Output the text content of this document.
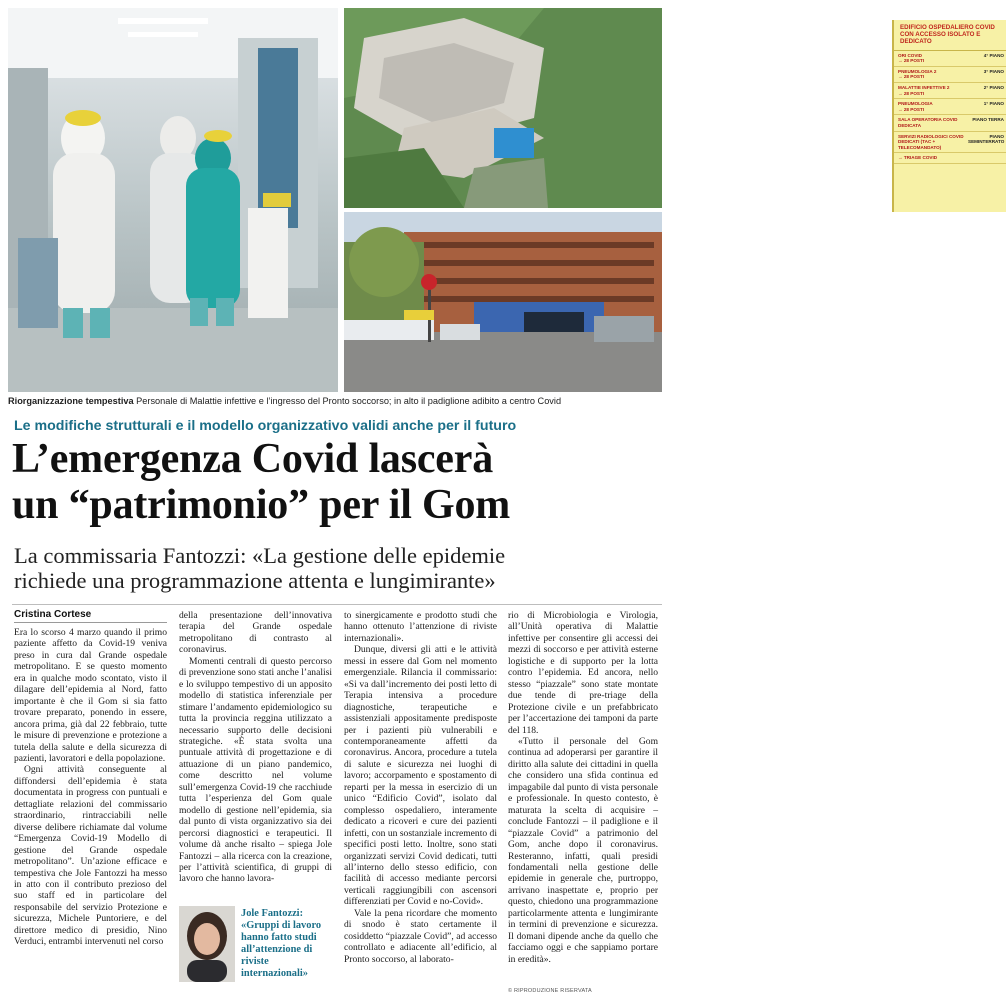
EDIFICIO OSPEDALIERO COVID CON ACCESSO ISOLATO E DEDICATO
ORI COVID
→ 28 POSTI
4° PIANO
PNEUMOLOGIA 2
→ 28 POSTI
3° PIANO
MALATTIE INFETTIVE 2
→ 28 POSTI
2° PIANO
PNEUMOLOGIA
→ 28 POSTI
1° PIANO
SALA OPERATORIA COVID DEDICATA
PIANO TERRA
SERVIZI RADIOLOGICI COVID DEDICATI (TAC + TELECOMANDATO)
PIANO SEMINTERRATO
→ TRIAGE COVID
Riorganizzazione tempestiva Personale di Malattie infettive e l’ingresso del Pronto soccorso; in alto il padiglione adibito a centro Covid
Le modifiche strutturali e il modello organizzativo validi anche per il futuro
L’emergenza Covid lascerà
un “patrimonio” per il Gom
La commissaria Fantozzi: «La gestione delle epidemie
richiede una programmazione attenta e lungimirante»
Cristina Cortese

Era lo scorso 4 marzo quando il primo paziente affetto da Covid-19 veniva preso in cura dal Grande ospedale metropolitano. E se questo momento era in qualche modo scontato, visto il dilagare dell’epidemia al Nord, fatto importante è che il Gom si sia fatto trovare preparato, ponendo in essere, ancora prima, già dal 22 febbraio, tutte le misure di prevenzione e protezione a tutela della salute e della sicurezza di pazienti, lavoratori e della popolazione.

Ogni attività conseguente al diffondersi dell’epidemia è stata documentata in progress con puntuali e dettagliate relazioni del commissario straordinario, rintracciabili nelle diverse delibere richiamate dal volume “Emergenza Covid-19 Modello di gestione del Grande ospedale metropolitano”. Un’azione efficace e tempestiva che Jole Fantozzi ha messo in atto con il contributo prezioso del suo staff ed in particolare del responsabile del servizio Protezione e sicurezza, Michele Puntoriere, e del direttore medico di presidio, Nino Verduci, entrambi intervenuti nel corso

della presentazione dell’innovativa terapia del Grande ospedale metropolitano di contrasto al coronavirus.

Momenti centrali di questo percorso di prevenzione sono stati anche l’analisi e lo sviluppo tempestivo di un apposito modello di statistica inferenziale per stimare l’andamento epidemiologico su tutta la provincia reggina utilizzato a necessario supporto delle decisioni strategiche. «È stata svolta una puntuale attività di progettazione e di attuazione di un piano pandemico, come descritto nel volume sull’emergenza Covid-19 che racchiude tutta l’esperienza del Gom quale modello di gestione nell’epidemia, sia dal punto di vista organizzativo sia dei percorsi diagnostici e terapeutici. Il volume dà anche risalto – spiega Jole Fantozzi – alla ricerca con la creazione, per l’attività scientifica, di gruppi di lavoro che hanno lavora-

to sinergicamente e prodotto studi che hanno ottenuto l’attenzione di riviste internazionali».

Dunque, diversi gli atti e le attività messi in essere dal Gom nel momento emergenziale. Rilancia il commissario: «Si va dall’incremento dei posti letto di Terapia intensiva a procedure diagnostiche, terapeutiche e assistenziali appositamente predisposte per i pazienti più vulnerabili e contemporaneamente affetti da coronavirus. Ancora, procedure a tutela di salute e sicurezza nei luoghi di lavoro; accorpamento e spostamento di reparti per la messa in esercizio di un unico “Edificio Covid”, isolato dal complesso ospedaliero, interamente dedicato a ricoveri e cure dei pazienti infetti, con un sostanziale incremento di specifici posti letto. Inoltre, sono stati organizzati servizi Covid dedicati, tutti all’interno dello stesso edificio, con facilità di accesso mediante percorsi verticali raggiungibili con ascensori differenziati per Covid e no-Covid».

Vale la pena ricordare che momento di snodo è stato certamente il cosiddetto “piazzale Covid”, ad accesso controllato e adiacente all’edificio, al Pronto soccorso, al laborato-

rio di Microbiologia e Virologia, all’Unità operativa di Malattie infettive per consentire gli accessi dei mezzi di soccorso e per attività esterne logistiche e di supporto per la lotta contro l’epidemia. Ed ancora, nello stesso “piazzale” sono state montate due tende di pre-triage della Protezione civile e un prefabbricato per l’accertazione dei tamponi da parte del 118.

«Tutto il personale del Gom continua ad adoperarsi per garantire il diritto alla salute dei cittadini in quella che considero una sfida continua ed impagabile dal punto di vista personale e professionale. In questo contesto, è maturata la scelta di acquisire – conclude Fantozzi – il padiglione e il “piazzale Covid” a patrimonio del Gom, anche dopo il coronavirus. Resteranno, infatti, quali presidi fondamentali nella gestione delle epidemie in generale che, purtroppo, arrivano inaspettate e, proprio per questo, chiedono una programmazione particolarmente attenta e lungimirante in termini di prevenzione e sicurezza. Il domani dipende anche da quello che facciamo oggi e che sappiamo portare in eredità».

Jole Fantozzi: «Gruppi di lavoro hanno fatto studi all’attenzione di riviste internazionali»
© RIPRODUZIONE RISERVATA
